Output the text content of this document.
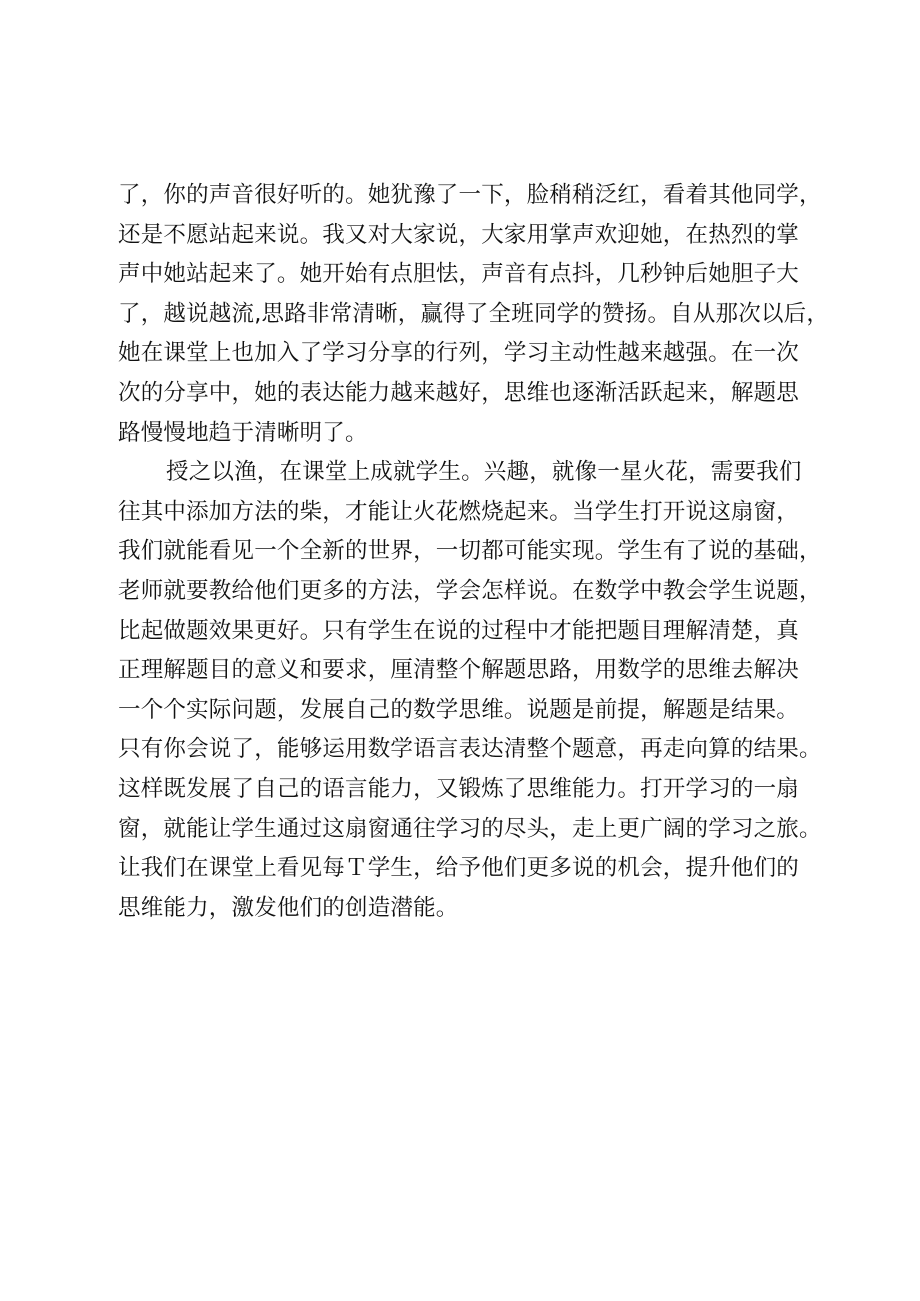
了，你的声音很好听的。她犹豫了一下，脸稍稍泛红，看着其他同学，
还是不愿站起来说。我又对大家说，大家用掌声欢迎她，在热烈的掌
声中她站起来了。她开始有点胆怯，声音有点抖，几秒钟后她胆子大
了，越说越流,思路非常清晰，赢得了全班同学的赞扬。自从那次以后，
她在课堂上也加入了学习分享的行列，学习主动性越来越强。在一次
次的分享中，她的表达能力越来越好，思维也逐渐活跃起来，解题思
路慢慢地趋于清晰明了。
授之以渔，在课堂上成就学生。兴趣，就像一星火花，需要我们
往其中添加方法的柴，才能让火花燃烧起来。当学生打开说这扇窗，
我们就能看见一个全新的世界，一切都可能实现。学生有了说的基础，
老师就要教给他们更多的方法，学会怎样说。在数学中教会学生说题，
比起做题效果更好。只有学生在说的过程中才能把题目理解清楚，真
正理解题目的意义和要求，厘清整个解题思路，用数学的思维去解决
一个个实际问题，发展自己的数学思维。说题是前提，解题是结果。
只有你会说了，能够运用数学语言表达清整个题意，再走向算的结果。
这样既发展了自己的语言能力，又锻炼了思维能力。打开学习的一扇
窗，就能让学生通过这扇窗通往学习的尽头，走上更广阔的学习之旅。
让我们在课堂上看见每Ｔ学生，给予他们更多说的机会，提升他们的
思维能力，激发他们的创造潜能。
